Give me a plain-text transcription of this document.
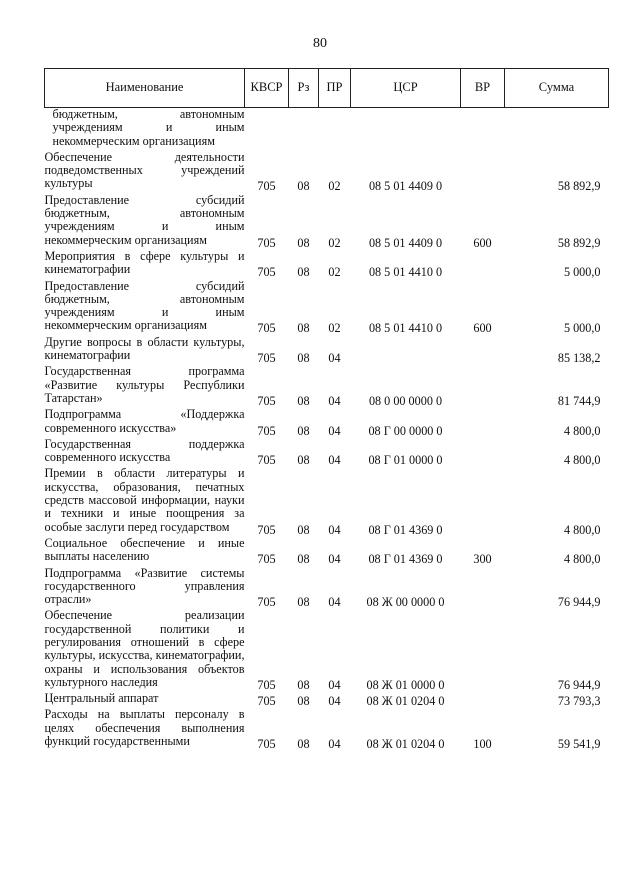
80
Наименование	КВСР	Рз	ПР	ЦСР	ВР	Сумма
бюджетным, автономным учреждениям и иным некоммерческим организациям						
Обеспечение деятельности подведомственных учреждений культуры	705	08	02	08 5 01 4409 0		58 892,9
Предоставление субсидий бюджетным, автономным учреждениям и иным некоммерческим организациям	705	08	02	08 5 01 4409 0	600	58 892,9
Мероприятия в сфере культуры и кинематографии	705	08	02	08 5 01 4410 0		5 000,0
Предоставление субсидий бюджетным, автономным учреждениям и иным некоммерческим организациям	705	08	02	08 5 01 4410 0	600	5 000,0
Другие вопросы в области культуры, кинематографии	705	08	04			85 138,2
Государственная программа «Развитие культуры Республики Татарстан»	705	08	04	08 0 00 0000 0		81 744,9
Подпрограмма «Поддержка современного искусства»	705	08	04	08 Г 00 0000 0		4 800,0
Государственная поддержка современного искусства	705	08	04	08 Г 01 0000 0		4 800,0
Премии в области литературы и искусства, образования, печатных средств массовой информации, науки и техники и иные поощрения за особые заслуги перед государством	705	08	04	08 Г 01 4369 0		4 800,0
Социальное обеспечение и иные выплаты населению	705	08	04	08 Г 01 4369 0	300	4 800,0
Подпрограмма «Развитие системы государственного управления отрасли»	705	08	04	08 Ж 00 0000 0		76 944,9
Обеспечение реализации государственной политики и регулирования отношений в сфере культуры, искусства, кинематографии, охраны и использования объектов культурного наследия	705	08	04	08 Ж 01 0000 0		76 944,9
Центральный аппарат	705	08	04	08 Ж 01 0204 0		73 793,3
Расходы на выплаты персоналу в целях обеспечения выполнения функций государственными	705	08	04	08 Ж 01 0204 0	100	59 541,9
